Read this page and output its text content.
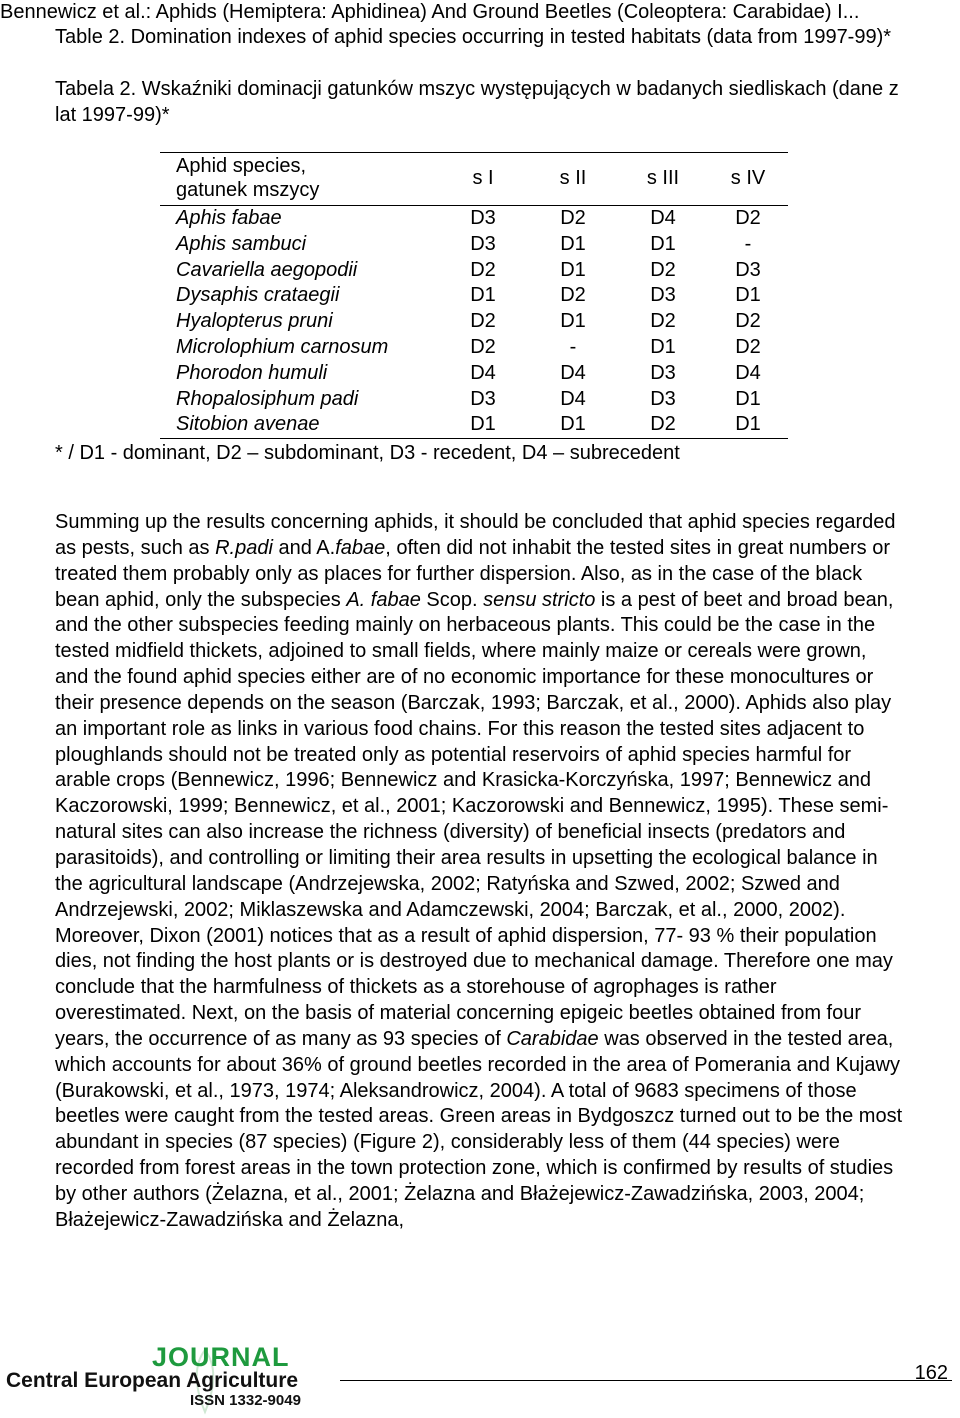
Bennewicz et al.: Aphids (Hemiptera: Aphidinea) And Ground Beetles (Coleoptera: Carabidae) I...
Table 2. Domination indexes of aphid species occurring in tested habitats (data from 1997-99)*
Tabela 2. Wskaźniki dominacji gatunków mszyc występujących w badanych siedliskach (dane z lat 1997-99)*
Aphid species,
gatunek mszycy	s I	s II	s III	s IV
Aphis fabae	D3	D2	D4	D2
Aphis sambuci	D3	D1	D1	-
Cavariella aegopodii	D2	D1	D2	D3
Dysaphis crataegii	D1	D2	D3	D1
Hyalopterus pruni	D2	D1	D2	D2
Microlophium carnosum	D2	-	D1	D2
Phorodon humuli	D4	D4	D3	D4
Rhopalosiphum padi	D3	D4	D3	D1
Sitobion avenae	D1	D1	D2	D1
* / D1 - dominant, D2 – subdominant, D3 - recedent, D4 – subrecedent
Summing up the results concerning aphids, it should be concluded that aphid species regarded as pests, such as R.padi and A.fabae, often did not inhabit the tested sites in great numbers or treated them probably only as places for further dispersion. Also, as in the case of the black bean aphid, only the subspecies A. fabae Scop. sensu stricto is a pest of beet and broad bean, and the other subspecies feeding mainly on herbaceous plants. This could be the case in the tested midfield thickets, adjoined to small fields, where mainly maize or cereals were grown, and the found aphid species either are of no economic importance for these monocultures or their presence depends on the season (Barczak, 1993; Barczak, et al., 2000). Aphids also play an important role as links in various food chains. For this reason the tested sites adjacent to ploughlands should not be treated only as potential reservoirs of aphid species harmful for arable crops (Bennewicz, 1996; Bennewicz and Krasicka-Korczyńska, 1997; Bennewicz and Kaczorowski, 1999; Bennewicz, et al., 2001; Kaczorowski and Bennewicz, 1995). These semi-natural sites can also increase the richness (diversity) of beneficial insects (predators and parasitoids), and controlling or limiting their area results in upsetting the ecological balance in the agricultural landscape (Andrzejewska, 2002; Ratyńska and Szwed, 2002; Szwed and Andrzejewski, 2002; Miklaszewska and Adamczewski, 2004; Barczak, et al., 2000, 2002). Moreover, Dixon (2001) notices that as a result of aphid dispersion, 77- 93 % their population dies, not finding the host plants or is destroyed due to mechanical damage. Therefore one may conclude that the harmfulness of thickets as a storehouse of agrophages is rather overestimated. Next, on the basis of material concerning epigeic beetles obtained from four years, the occurrence of as many as 93 species of Carabidae was observed in the tested area, which accounts for about 36% of ground beetles recorded in the area of Pomerania and Kujawy (Burakowski, et al., 1973, 1974; Aleksandrowicz, 2004). A total of 9683 specimens of those beetles were caught from the tested areas. Green areas in Bydgoszcz turned out to be the most abundant in species (87 species) (Figure 2), considerably less of them (44 species) were recorded from forest areas in the town protection zone, which is confirmed by results of studies by other authors (Żelazna, et al., 2001; Żelazna and Błażejewicz-Zawadzińska, 2003, 2004; Błażejewicz-Zawadzińska and Żelazna,
JOURNAL
Central European Agriculture
ISSN 1332-9049
162
